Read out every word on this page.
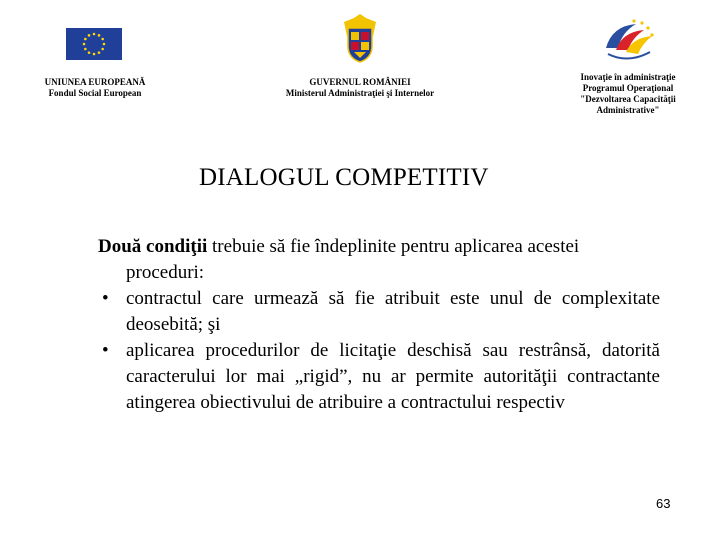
UNIUNEA EUROPEANĂ
Fondul Social European
GUVERNUL ROMÂNIEI
Ministerul Administraţiei şi Internelor
Inovaţie în administraţie
Programul Operaţional
"Dezvoltarea Capacităţii
Administrative"
DIALOGUL COMPETITIV

Două condiţii trebuie să fie îndeplinite pentru aplicarea acestei proceduri:

• contractul care urmează să fie atribuit este unul de complexitate deosebită; şi
• aplicarea procedurilor de licitaţie deschisă sau restrânsă, datorită caracterului lor mai „rigid”, nu ar permite autorităţii contractante atingerea obiectivului de atribuire a contractului respectiv
63
